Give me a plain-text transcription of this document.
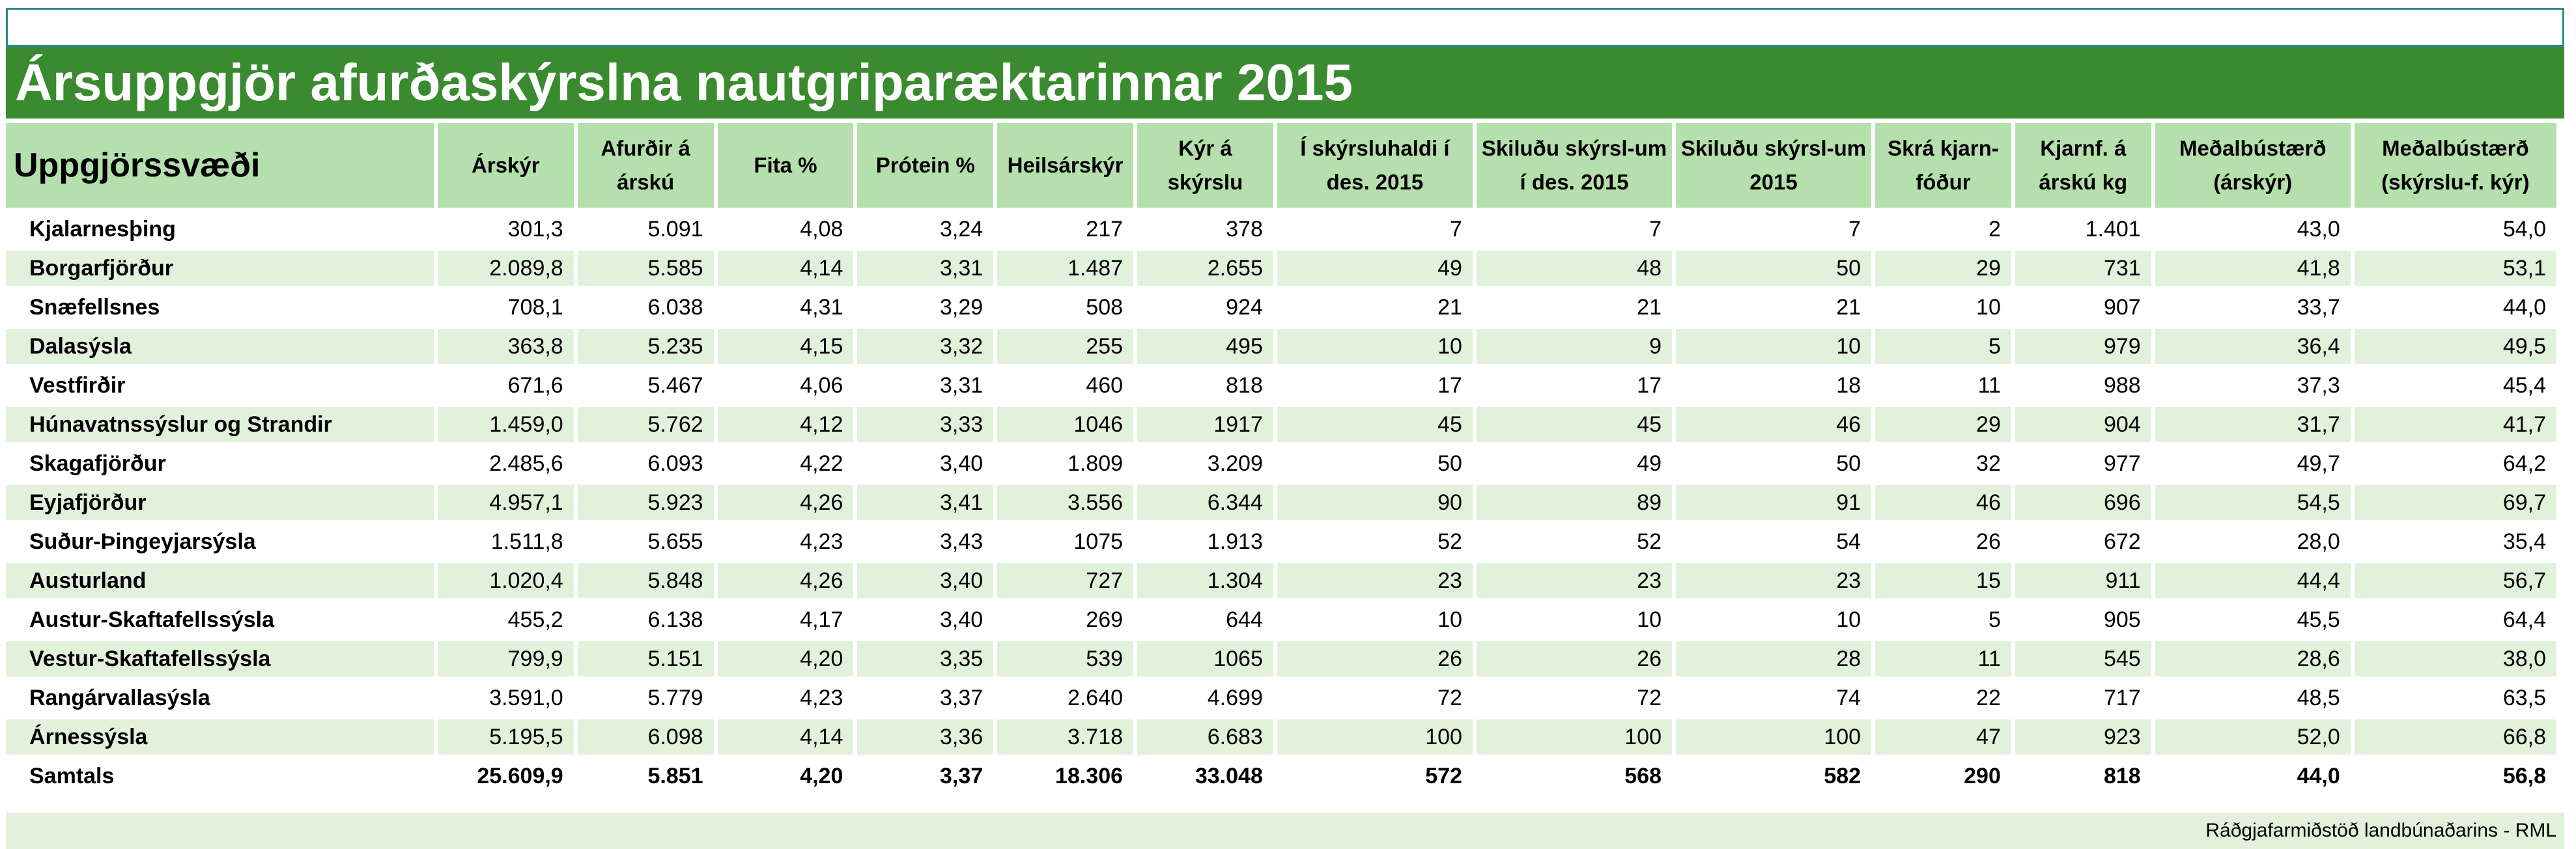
Ársuppgjör afurðaskýrslna nautgriparæktarinnar 2015
Uppgjörssvæði	Árskýr	Afurðir á árskú	Fita %	Prótein %	Heilsárskýr	Kýr á skýrslu	Í skýrsluhaldi í des. 2015	Skiluðu skýrsl-um í des. 2015	Skiluðu skýrsl-um 2015	Skrá kjarn-fóður	Kjarnf. á árskú kg	Meðalbústærð (árskýr)	Meðalbústærð (skýrslu-f. kýr)
Kjalarnesþing	301,3	5.091	4,08	3,24	217	378	7	7	7	2	1.401	43,0	54,0
Borgarfjörður	2.089,8	5.585	4,14	3,31	1.487	2.655	49	48	50	29	731	41,8	53,1
Snæfellsnes	708,1	6.038	4,31	3,29	508	924	21	21	21	10	907	33,7	44,0
Dalasýsla	363,8	5.235	4,15	3,32	255	495	10	9	10	5	979	36,4	49,5
Vestfirðir	671,6	5.467	4,06	3,31	460	818	17	17	18	11	988	37,3	45,4
Húnavatnssýslur og Strandir	1.459,0	5.762	4,12	3,33	1046	1917	45	45	46	29	904	31,7	41,7
Skagafjörður	2.485,6	6.093	4,22	3,40	1.809	3.209	50	49	50	32	977	49,7	64,2
Eyjafjörður	4.957,1	5.923	4,26	3,41	3.556	6.344	90	89	91	46	696	54,5	69,7
Suður-Þingeyjarsýsla	1.511,8	5.655	4,23	3,43	1075	1.913	52	52	54	26	672	28,0	35,4
Austurland	1.020,4	5.848	4,26	3,40	727	1.304	23	23	23	15	911	44,4	56,7
Austur-Skaftafellssýsla	455,2	6.138	4,17	3,40	269	644	10	10	10	5	905	45,5	64,4
Vestur-Skaftafellssýsla	799,9	5.151	4,20	3,35	539	1065	26	26	28	11	545	28,6	38,0
Rangárvallasýsla	3.591,0	5.779	4,23	3,37	2.640	4.699	72	72	74	22	717	48,5	63,5
Árnessýsla	5.195,5	6.098	4,14	3,36	3.718	6.683	100	100	100	47	923	52,0	66,8
Samtals	25.609,9	5.851	4,20	3,37	18.306	33.048	572	568	582	290	818	44,0	56,8
Ráðgjafarmiðstöð landbúnaðarins - RML
